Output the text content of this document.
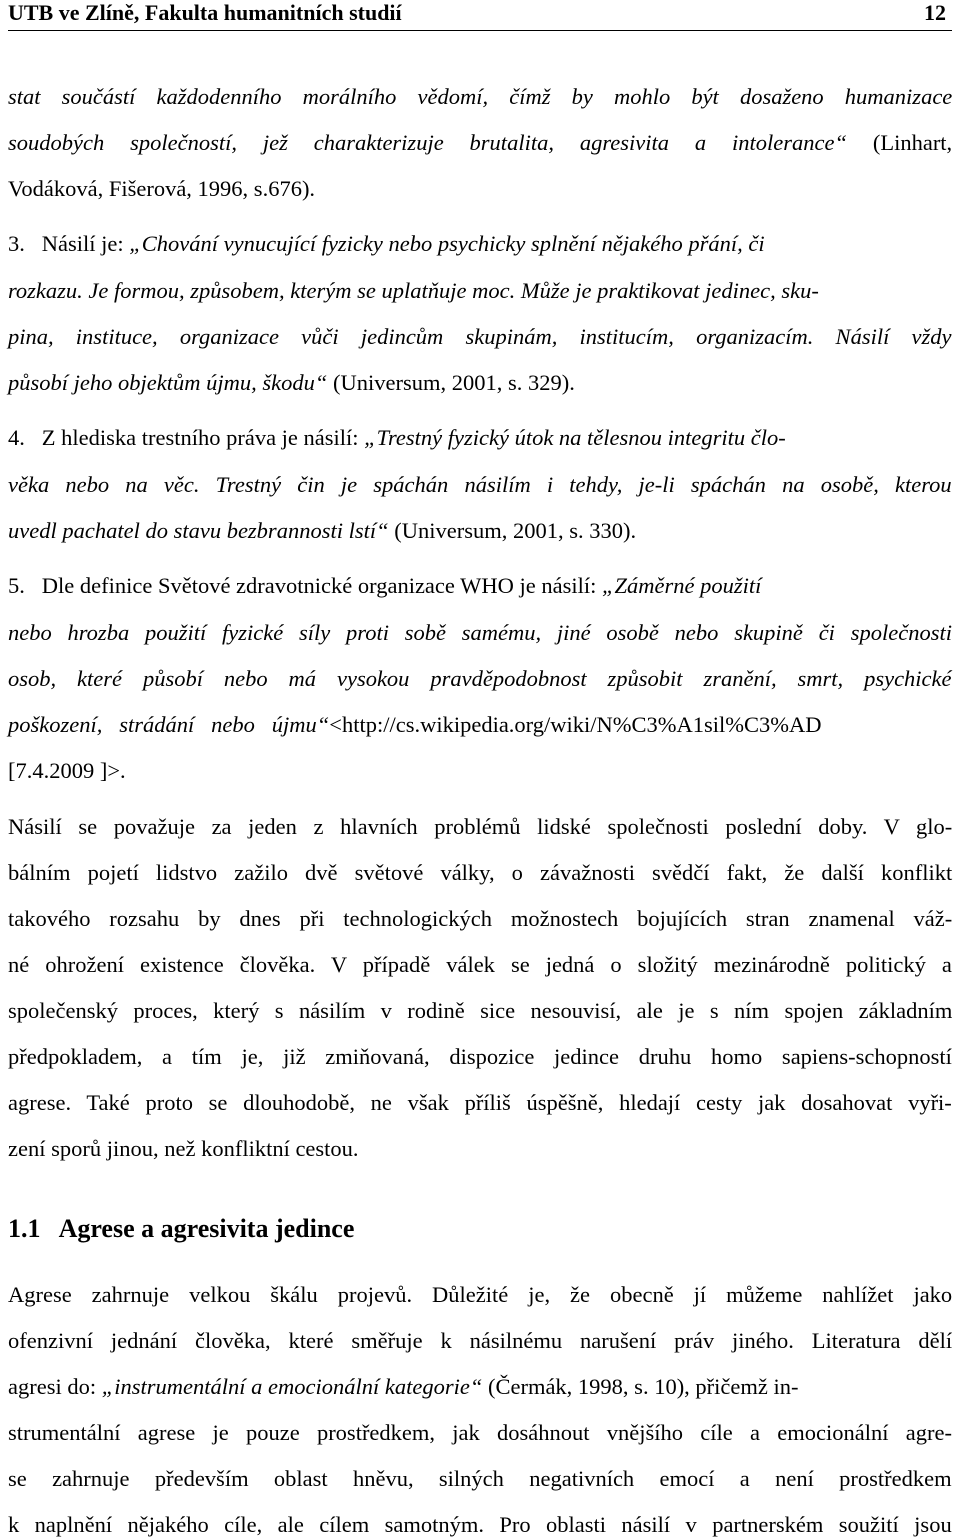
UTB ve Zlíně, Fakulta humanitních studií	12
stat součástí každodenního morálního vědomí, čímž by mohlo být dosaženo humanizace
soudobých společností, jež charakterizuje brutalita, agresivita a intolerance“ (Linhart,
Vodáková, Fišerová, 1996, s.676).
3.   Násilí je: „Chování vynucující fyzicky nebo psychicky splnění nějakého přání, či
rozkazu. Je formou, způsobem, kterým se uplatňuje moc. Může je praktikovat jedinec, sku-
pina, instituce, organizace vůči jedincům skupinám, institucím, organizacím. Násilí vždy
působí jeho objektům újmu, škodu“ (Universum, 2001, s. 329).
4.   Z hlediska trestního práva je násilí: „Trestný fyzický útok na tělesnou integritu člo-
věka nebo na věc. Trestný čin je spáchán násilím i tehdy, je-li spáchán na osobě, kterou
uvedl pachatel do stavu bezbrannosti lstí“ (Universum, 2001, s. 330).
5.   Dle definice Světové zdravotnické organizace WHO je násilí: „Záměrné použití
nebo hrozba použití fyzické síly proti sobě samému, jiné osobě nebo skupině či společnosti
osob, které působí nebo má vysokou pravděpodobnost způsobit zranění, smrt, psychické
poškození,   strádání   nebo   újmu“<http://cs.wikipedia.org/wiki/N%C3%A1sil%C3%AD
[7.4.2009 ]>.
Násilí se považuje za jeden z hlavních problémů lidské společnosti poslední doby. V glo-
bálním pojetí lidstvo zažilo dvě světové války, o závažnosti svědčí fakt, že další konflikt
takového rozsahu by dnes při technologických možnostech bojujících stran znamenal váž-
né ohrožení existence člověka. V případě válek se jedná o složitý mezinárodně politický a
společenský proces, který s násilím v rodině sice nesouvisí, ale je s ním spojen základním
předpokladem, a tím je, již zmiňovaná, dispozice jedince druhu homo sapiens-schopností
agrese. Také proto se dlouhodobě, ne však příliš úspěšně, hledají cesty jak dosahovat vyři-
zení sporů jinou, než konfliktní cestou.
Agrese zahrnuje velkou škálu projevů. Důležité je, že obecně jí můžeme nahlížet jako
ofenzivní jednání člověka, které směřuje k násilnému narušení práv jiného. Literatura dělí
agresi do: „instrumentální a emocionální kategorie“ (Čermák, 1998, s. 10), přičemž in-
strumentální agrese je pouze prostředkem, jak dosáhnout vnějšího cíle a emocionální agre-
se zahrnuje především oblast hněvu, silných negativních emocí a není prostředkem
k naplnění nějakého cíle, ale cílem samotným. Pro oblasti násilí v partnerském soužití jsou
1.1 Agrese a agresivita jedince
